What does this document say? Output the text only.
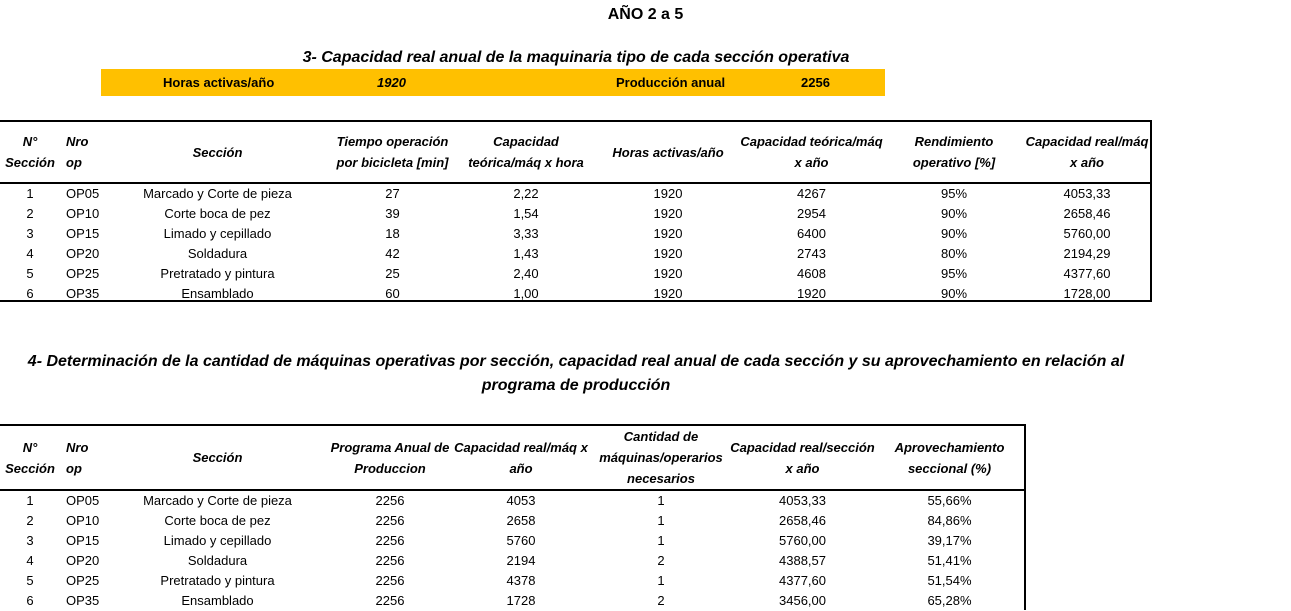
AÑO 2 a 5
3- Capacidad real anual de la maquinaria tipo de cada sección operativa
Horas activas/año	1920	Producción anual	2256
N° Sección	Nro op	Sección	Tiempo operación por bicicleta [min]	Capacidad teórica/máq x hora	Horas activas/año	Capacidad teórica/máq x año	Rendimiento operativo [%]	Capacidad real/máq x año
1	OP05	Marcado y Corte de pieza	27	2,22	1920	4267	95%	4053,33
2	OP10	Corte boca de pez	39	1,54	1920	2954	90%	2658,46
3	OP15	Limado y cepillado	18	3,33	1920	6400	90%	5760,00
4	OP20	Soldadura	42	1,43	1920	2743	80%	2194,29
5	OP25	Pretratado y pintura	25	2,40	1920	4608	95%	4377,60
6	OP35	Ensamblado	60	1,00	1920	1920	90%	1728,00
4- Determinación de la cantidad de máquinas operativas por sección, capacidad real anual de cada sección y su aprovechamiento en relación al
programa de producción
N° Sección	Nro op	Sección	Programa Anual de Produccion	Capacidad real/máq x año	Cantidad de máquinas/operarios necesarios	Capacidad real/sección x año	Aprovechamiento seccional (%)
1	OP05	Marcado y Corte de pieza	2256	4053	1	4053,33	55,66%
2	OP10	Corte boca de pez	2256	2658	1	2658,46	84,86%
3	OP15	Limado y cepillado	2256	5760	1	5760,00	39,17%
4	OP20	Soldadura	2256	2194	2	4388,57	51,41%
5	OP25	Pretratado y pintura	2256	4378	1	4377,60	51,54%
6	OP35	Ensamblado	2256	1728	2	3456,00	65,28%
